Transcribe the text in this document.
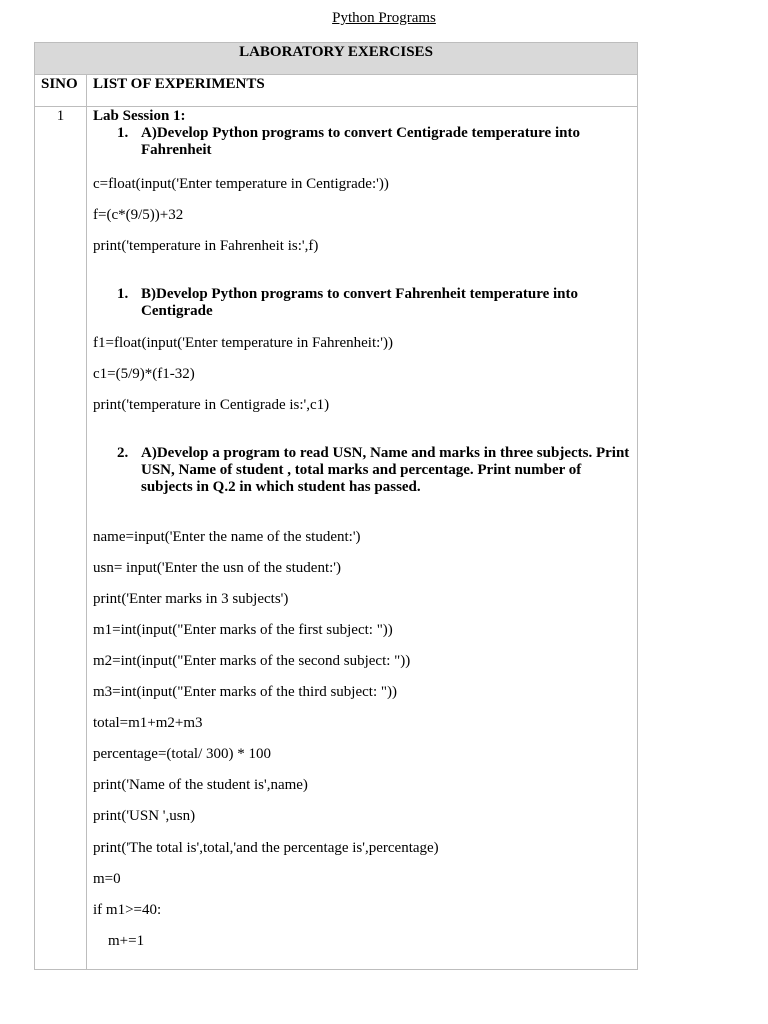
Python Programs
LABORATORY EXERCISES
SINO LIST OF EXPERIMENTS
1	Lab Session 1:

1. A)Develop Python programs to convert Centigrade temperature into Fahrenheit

c=float(input('Enter temperature in Centigrade:'))

f=(c*(9/5))+32

print('temperature in Fahrenheit is:',f)

1. B)Develop Python programs to convert Fahrenheit temperature into Centigrade

f1=float(input('Enter temperature in Fahrenheit:'))

c1=(5/9)*(f1-32)

print('temperature in Centigrade is:',c1)

2. A)Develop a program to read USN, Name and marks in three subjects. Print USN, Name of student , total marks and percentage. Print number of subjects in Q.2 in which student has passed.

name=input('Enter the name of the student:')

usn= input('Enter the usn of the student:')

print('Enter marks in 3 subjects')

m1=int(input("Enter marks of the first subject: "))

m2=int(input("Enter marks of the second subject: "))

m3=int(input("Enter marks of the third subject: "))

total=m1+m2+m3

percentage=(total/ 300) * 100

print('Name of the student is',name)

print('USN ',usn)

print('The total is',total,'and the percentage is',percentage)

m=0

if m1>=40:

m+=1
